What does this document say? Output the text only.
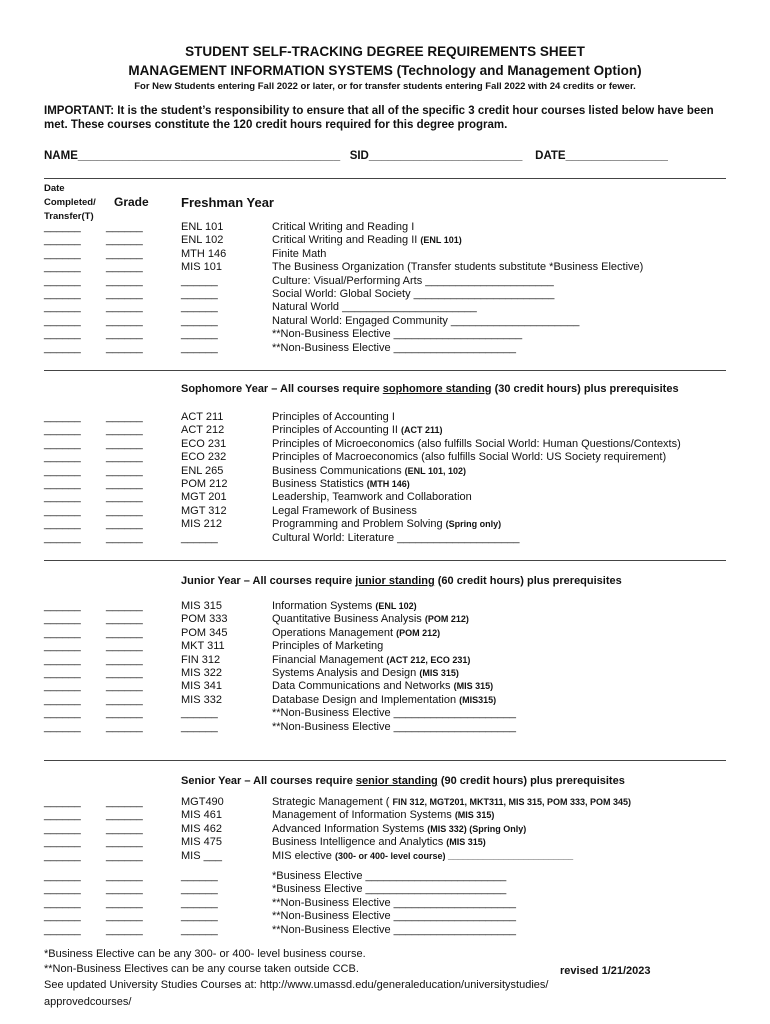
STUDENT SELF-TRACKING DEGREE REQUIREMENTS SHEET
MANAGEMENT INFORMATION SYSTEMS (Technology and Management Option)
For New Students entering Fall 2022 or later, or for transfer students entering Fall 2022 with 24 credits or fewer.
IMPORTANT: It is the student’s responsibility to ensure that all of the specific 3 credit hour courses listed below have been met. These courses constitute the 120 credit hours required for this degree program.
NAME_________________________________________ SID________________________ DATE________________
Date
Completed/
Transfer(T)
Grade Freshman Year
______ ______	ENL 101	Critical Writing and Reading I
______ ______	ENL 102	Critical Writing and Reading II (ENL 101)
______ ______	MTH 146	Finite Math
______ ______	MIS 101	The Business Organization (Transfer students substitute *Business Elective)
______ ______	______	Culture: Visual/Performing Arts _____________________
______ ______	______	Social World: Global Society _______________________
______ ______	______	Natural World ______________________
______ ______	______	Natural World: Engaged Community _____________________
______ ______	______	**Non-Business Elective _____________________
______ ______	______	**Non-Business Elective ____________________
Sophomore Year – All courses require sophomore standing (30 credit hours) plus prerequisites
______ ______	ACT 211	Principles of Accounting I
______ ______	ACT 212	Principles of Accounting II (ACT 211)
______ ______	ECO 231	Principles of Microeconomics (also fulfills Social World: Human Questions/Contexts)
______ ______	ECO 232	Principles of Macroeconomics (also fulfills Social World: US Society requirement)
______ ______	ENL 265	Business Communications (ENL 101, 102)
______ ______	POM 212	Business Statistics (MTH 146)
______ ______	MGT 201	Leadership, Teamwork and Collaboration
______ ______	MGT 312	Legal Framework of Business
______ ______	MIS 212	Programming and Problem Solving (Spring only)
______ ______	______	Cultural World: Literature ____________________
Junior Year – All courses require junior standing (60 credit hours) plus prerequisites
______ ______	MIS 315	Information Systems (ENL 102)
______ ______	POM 333	Quantitative Business Analysis (POM 212)
______ ______	POM 345	Operations Management (POM 212)
______ ______	MKT 311	Principles of Marketing
______ ______	FIN 312	Financial Management (ACT 212, ECO 231)
______ ______	MIS 322	Systems Analysis and Design (MIS 315)
______ ______	MIS 341	Data Communications and Networks (MIS 315)
______ ______	MIS 332	Database Design and Implementation (MIS315)
______ ______	______	**Non-Business Elective ____________________
______ ______	______	**Non-Business Elective ____________________
Senior Year – All courses require senior standing (90 credit hours) plus prerequisites
______ ______	MGT490	Strategic Management ( FIN 312, MGT201, MKT311, MIS 315, POM 333, POM 345)
______ ______	MIS 461	Management of Information Systems (MIS 315)
______ ______	MIS 462	Advanced Information Systems (MIS 332) (Spring Only)
______ ______	MIS 475	Business Intelligence and Analytics (MIS 315)
______ ______	MIS ___	MIS elective (300- or 400- level course) _________________________
______ ______	______	*Business Elective _______________________
______ ______	______	*Business Elective _______________________
______ ______	______	**Non-Business Elective ____________________
______ ______	______	**Non-Business Elective ____________________
______ ______	______	**Non-Business Elective ____________________
*Business Elective can be any 300- or 400- level business course.
**Non-Business Electives can be any course taken outside CCB.	revised 1/21/2023
See updated University Studies Courses at: http://www.umassd.edu/generaleducation/universitystudies/
approvedcourses/
